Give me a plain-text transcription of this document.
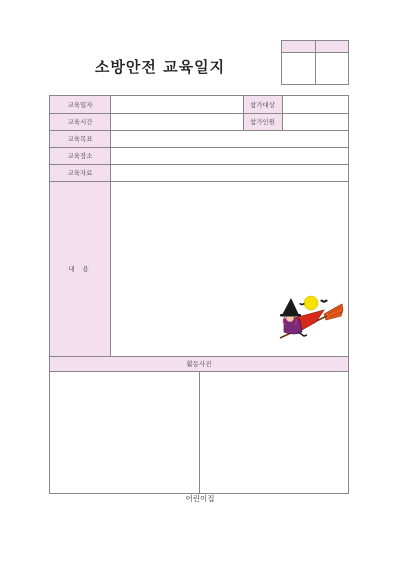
소방안전 교육일지
교육일자	참가대상
교육시간	참가인원
교육목표
교육장소
교육자료
내 용
활동사진
어린이집
